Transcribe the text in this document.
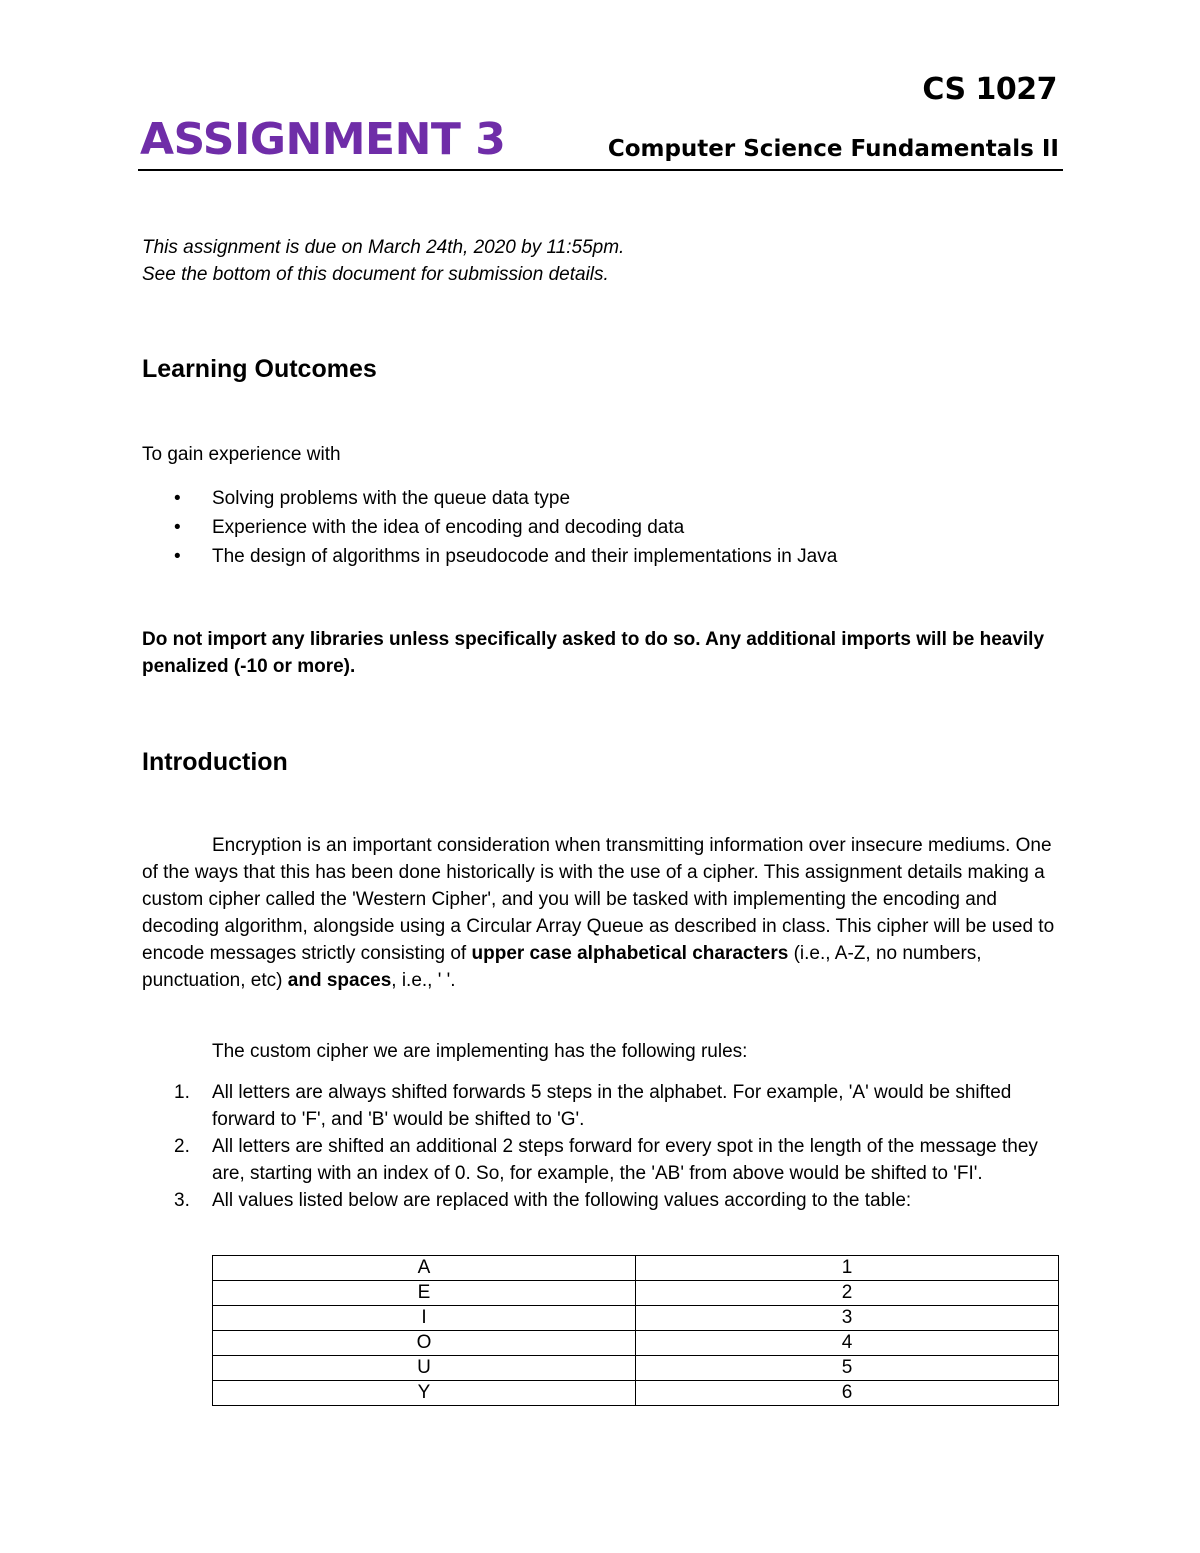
CS 1027
ASSIGNMENT 3	Computer Science Fundamentals II
This assignment is due on March 24th, 2020 by 11:55pm.
See the bottom of this document for submission details.
Learning Outcomes
To gain experience with
• Solving problems with the queue data type
• Experience with the idea of encoding and decoding data
• The design of algorithms in pseudocode and their implementations in Java
Do not import any libraries unless specifically asked to do so. Any additional imports will be heavily penalized (-10 or more).
Introduction
Encryption is an important consideration when transmitting information over insecure mediums. One of the ways that this has been done historically is with the use of a cipher. This assignment details making a custom cipher called the 'Western Cipher', and you will be tasked with implementing the encoding and decoding algorithm, alongside using a Circular Array Queue as described in class. This cipher will be used to encode messages strictly consisting of upper case alphabetical characters (i.e., A-Z, no numbers, punctuation, etc) and spaces, i.e., ' '.
The custom cipher we are implementing has the following rules:
1. All letters are always shifted forwards 5 steps in the alphabet. For example, 'A' would be shifted forward to 'F', and 'B' would be shifted to 'G'.
2. All letters are shifted an additional 2 steps forward for every spot in the length of the message they are, starting with an index of 0. So, for example, the 'AB' from above would be shifted to 'FI'.
3. All values listed below are replaced with the following values according to the table:
A	1
E	2
I	3
O	4
U	5
Y	6
